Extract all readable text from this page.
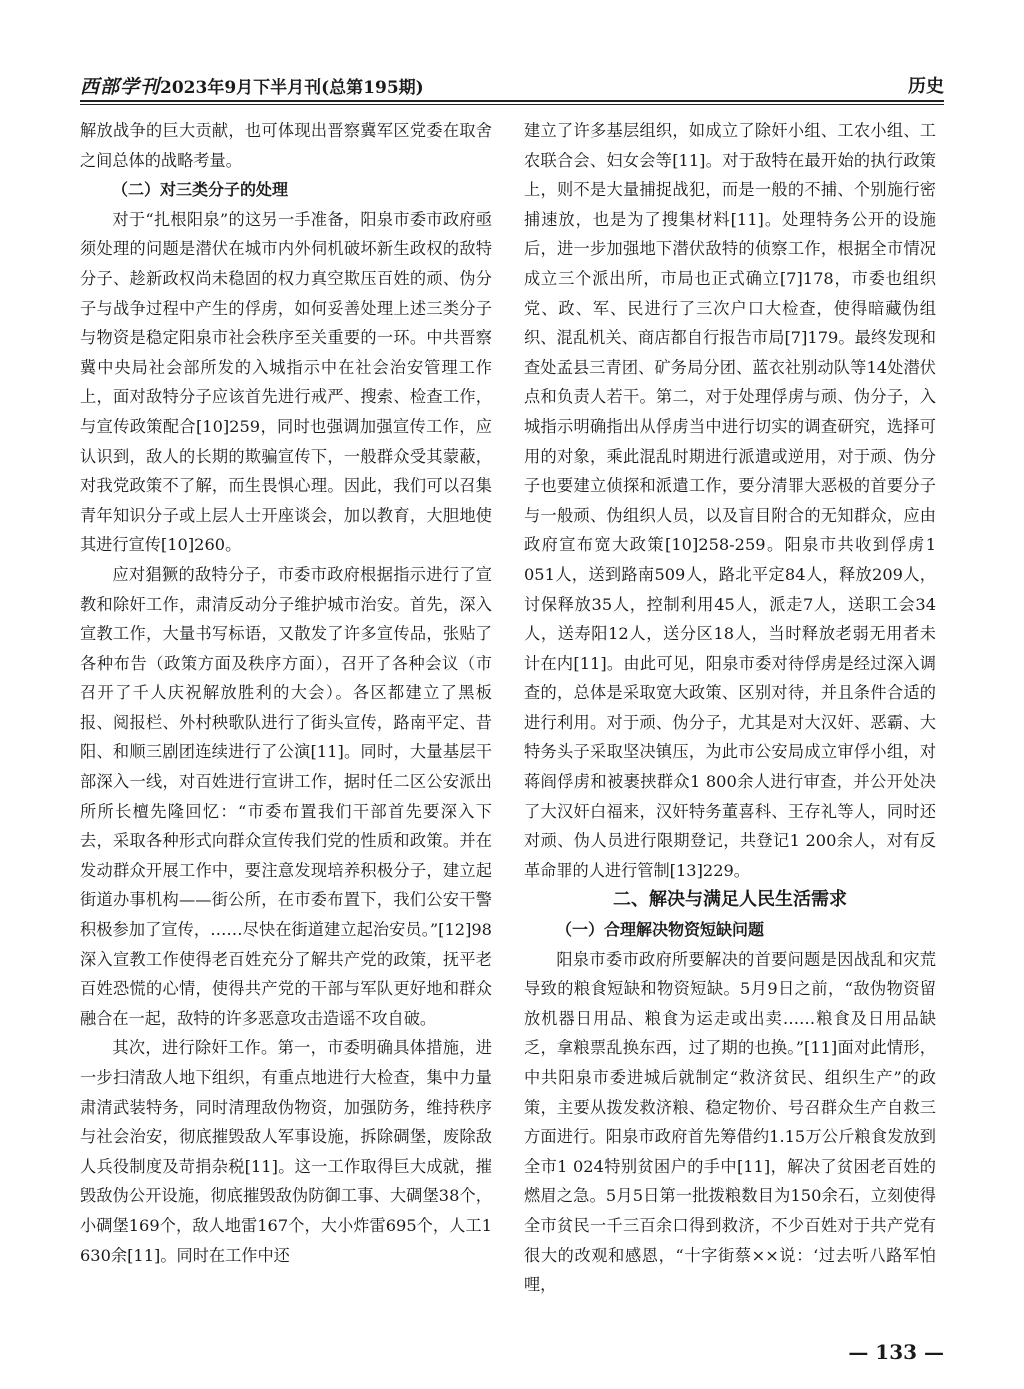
西部学刊 2023年9月下半月刊(总第195期)	历史

解放战争的巨大贡献，也可体现出晋察冀军区党委在取舍之间总体的战略考量。

（二）对三类分子的处理

对于“扎根阳泉”的这另一手准备，阳泉市委市政府亟须处理的问题是潜伏在城市内外伺机破坏新生政权的敌特分子、趁新政权尚未稳固的权力真空欺压百姓的顽、伪分子与战争过程中产生的俘虏，如何妥善处理上述三类分子与物资是稳定阳泉市社会秩序至关重要的一环。中共晋察冀中央局社会部所发的入城指示中在社会治安管理工作上，面对敌特分子应该首先进行戒严、搜索、检查工作，与宣传政策配合[10]259，同时也强调加强宣传工作，应认识到，敌人的长期的欺骗宣传下，一般群众受其蒙蔽，对我党政策不了解，而生畏惧心理。因此，我们可以召集青年知识分子或上层人士开座谈会，加以教育，大胆地使其进行宣传[10]260。

应对猖獗的敌特分子，市委市政府根据指示进行了宣教和除奸工作，肃清反动分子维护城市治安。首先，深入宣教工作，大量书写标语，又散发了许多宣传品，张贴了各种布告（政策方面及秩序方面），召开了各种会议（市召开了千人庆祝解放胜利的大会）。各区都建立了黑板报、阅报栏、外村秧歌队进行了街头宣传，路南平定、昔阳、和顺三剧团连续进行了公演[11]。同时，大量基层干部深入一线，对百姓进行宣讲工作，据时任二区公安派出所所长檀先隆回忆：“市委布置我们干部首先要深入下去，采取各种形式向群众宣传我们党的性质和政策。并在发动群众开展工作中，要注意发现培养积极分子，建立起街道办事机构——街公所，在市委布置下，我们公安干警积极参加了宣传，……尽快在街道建立起治安员。”[12]98 深入宣教工作使得老百姓充分了解共产党的政策，抚平老百姓恐慌的心情，使得共产党的干部与军队更好地和群众融合在一起，敌特的许多恶意攻击造谣不攻自破。

其次，进行除奸工作。第一，市委明确具体措施，进一步扫清敌人地下组织，有重点地进行大检查，集中力量肃清武装特务，同时清理敌伪物资，加强防务，维持秩序与社会治安，彻底摧毁敌人军事设施，拆除碉堡，废除敌人兵役制度及苛捐杂税[11]。这一工作取得巨大成就，摧毁敌伪公开设施，彻底摧毁敌伪防御工事、大碉堡38个，小碉堡169个，敌人地雷167个，大小炸雷695个，人工1 630余[11]。同时在工作中还

建立了许多基层组织，如成立了除奸小组、工农小组、工农联合会、妇女会等[11]。对于敌特在最开始的执行政策上，则不是大量捕捉战犯，而是一般的不捕、个别施行密捕速放，也是为了搜集材料[11]。处理特务公开的设施后，进一步加强地下潜伏敌特的侦察工作，根据全市情况成立三个派出所，市局也正式确立[7]178，市委也组织党、政、军、民进行了三次户口大检查，使得暗藏伪组织、混乱机关、商店都自行报告市局[7]179。最终发现和查处孟县三青团、矿务局分团、蓝衣社别动队等14处潜伏点和负责人若干。第二，对于处理俘虏与顽、伪分子，入城指示明确指出从俘虏当中进行切实的调查研究，选择可用的对象，乘此混乱时期进行派遣或逆用，对于顽、伪分子也要建立侦探和派遣工作，要分清罪大恶极的首要分子与一般顽、伪组织人员，以及盲目附合的无知群众，应由政府宣布宽大政策[10]258-259。阳泉市共收到俘虏1 051人，送到路南509人，路北平定84人，释放209人，讨保释放35人，控制利用45人，派走7人，送职工会34人，送寿阳12人，送分区18人，当时释放老弱无用者未计在内[11]。由此可见，阳泉市委对待俘虏是经过深入调查的，总体是采取宽大政策、区别对待，并且条件合适的进行利用。对于顽、伪分子，尤其是对大汉奸、恶霸、大特务头子采取坚决镇压，为此市公安局成立审俘小组，对蒋阎俘虏和被裹挟群众1 800余人进行审查，并公开处决了大汉奸白福来，汉奸特务董喜科、王存礼等人，同时还对顽、伪人员进行限期登记，共登记1 200余人，对有反革命罪的人进行管制[13]229。

二、解决与满足人民生活需求
（一）合理解决物资短缺问题

阳泉市委市政府所要解决的首要问题是因战乱和灾荒导致的粮食短缺和物资短缺。5月9日之前，“敌伪物资留放机器日用品、粮食为运走或出卖……粮食及日用品缺乏，拿粮票乱换东西，过了期的也换。”[11]面对此情形，中共阳泉市委进城后就制定“救济贫民、组织生产”的政策，主要从拨发救济粮、稳定物价、号召群众生产自救三方面进行。阳泉市政府首先筹借约1.15万公斤粮食发放到全市1 024特别贫困户的手中[11]，解决了贫困老百姓的燃眉之急。5月5日第一批拨粮数目为150余石，立刻使得全市贫民一千三百余口得到救济，不少百姓对于共产党有很大的改观和感恩，“十字街蔡××说：‘过去听八路军怕哩，

— 133 —
